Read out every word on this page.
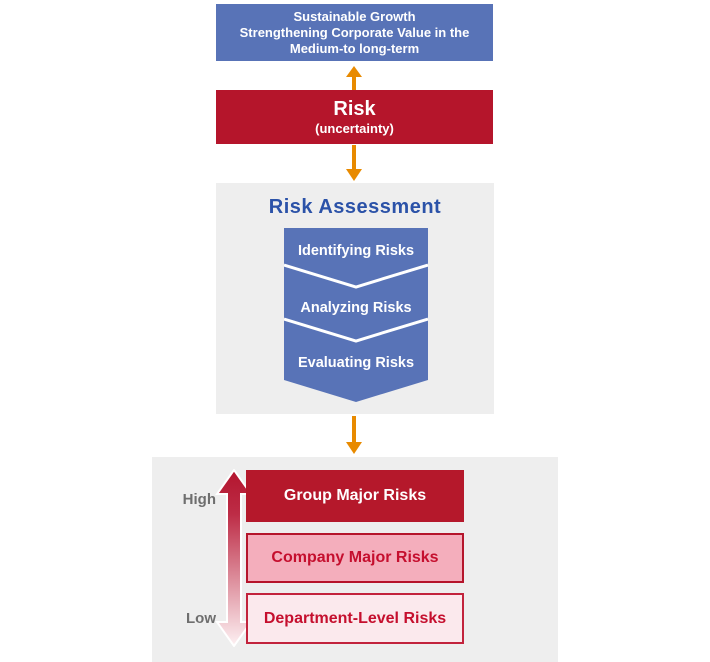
Sustainable Growth
Strengthening Corporate Value in the
Medium-to long-term
Risk
(uncertainty)
Risk Assessment
Identifying Risks
Analyzing Risks
Evaluating Risks
High
Low
Group Major Risks
Company Major Risks
Department-Level Risks
